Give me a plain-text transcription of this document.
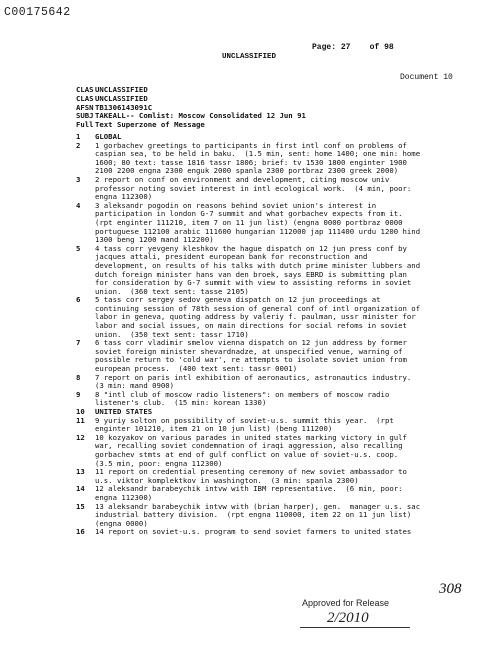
C00175642
Page: 27 of 98
UNCLASSIFIED
Document 10
CLAS UNCLASSIFIED
CLAS UNCLASSIFIED
AFSN TB1306143091C
SUBJ TAKEALL-- Comlist: Moscow Consolidated 12 Jun 91
Full Text Superzone of Message
1	GLOBAL
2	1 gorbachev greetings to participants in first intl conf on problems of
caspian sea, to be held in baku.  (1.5 min, sent: home 1400; one min: home
1600; 80 text: tasse 1816 tassr 1806; brief: tv 1530 1800 enginter 1900
2100 2200 engna 2300 enguk 2000 spanla 2300 portbraz 2300 greek 2000)
3	2 report on conf on environment and development, citing moscow univ
professor noting soviet interest in intl ecological work.  (4 min, poor:
engna 112300)
4	3 aleksandr pogodin on reasons behind soviet union's interest in
participation in london G-7 summit and what gorbachev expects from it.
(rpt enginter 111210, item 7 on 11 jun list) (engna 0000 portbraz 0000
portuguese 112100 arabic 111600 hungarian 112000 jap 111400 urdu 1200 hind
1300 beng 1200 mand 112200)
5	4 tass corr yevgeny kleshkov the hague dispatch on 12 jun press conf by
jacques attali, president european bank for reconstruction and
development, on results of his talks with dutch prime minister lubbers and
dutch foreign minister hans van den broek, says EBRD is submitting plan
for consideration by G-7 summit with view to assisting reforms in soviet
union.  (360 text sent: tasse 2105)
6	5 tass corr sergey sedov geneva dispatch on 12 jun proceedings at
continuing session of 78th session of general conf of intl organization of
labor in geneva, quoting address by valeriy f. paulman, ussr minister for
labor and social issues, on main directions for social refoms in soviet
union.  (350 text sent: tassr 1710)
7	6 tass corr vladimir smelov vienna dispatch on 12 jun address by former
soviet foreign minister shevardnadze, at unspecified venue, warning of
possible return to 'cold war', re attempts to isolate soviet union from
european process.  (400 text sent: tassr 0001)
8	7 report on paris intl exhibition of aeronautics, astronautics industry.
(3 min: mand 0900)
9	8 "intl club of moscow radio listeners": on members of moscow radio
listener's club.  (15 min: korean 1330)
10	UNITED STATES
11	9 yuriy solton on possibility of soviet-u.s. summit this year.  (rpt
enginter 101210, item 21 on 10 jun list) (beng 111200)
12	10 kozyakov on various parades in united states marking victory in gulf
war, recalling soviet condemnation of iraqi aggression, also recalling
gorbachev stmts at end of gulf conflict on value of soviet-u.s. coop.
(3.5 min, poor: engna 112300)
13	11 report on credential presenting ceremony of new soviet ambassador to
u.s. viktor komplektkov in washington.  (3 min: spanla 2300)
14	12 aleksandr barabeychik intvw with IBM representative.  (6 min, poor:
engna 112300)
15	13 aleksandr barabeychik intvw with (brian harper), gen.  manager u.s. sac
industrial battery division.  (rpt engna 110000, item 22 on 11 jun list)
(engna 0000)
16	14 report on soviet-u.s. program to send soviet farmers to united states
308
Approved for Release
2/2010
